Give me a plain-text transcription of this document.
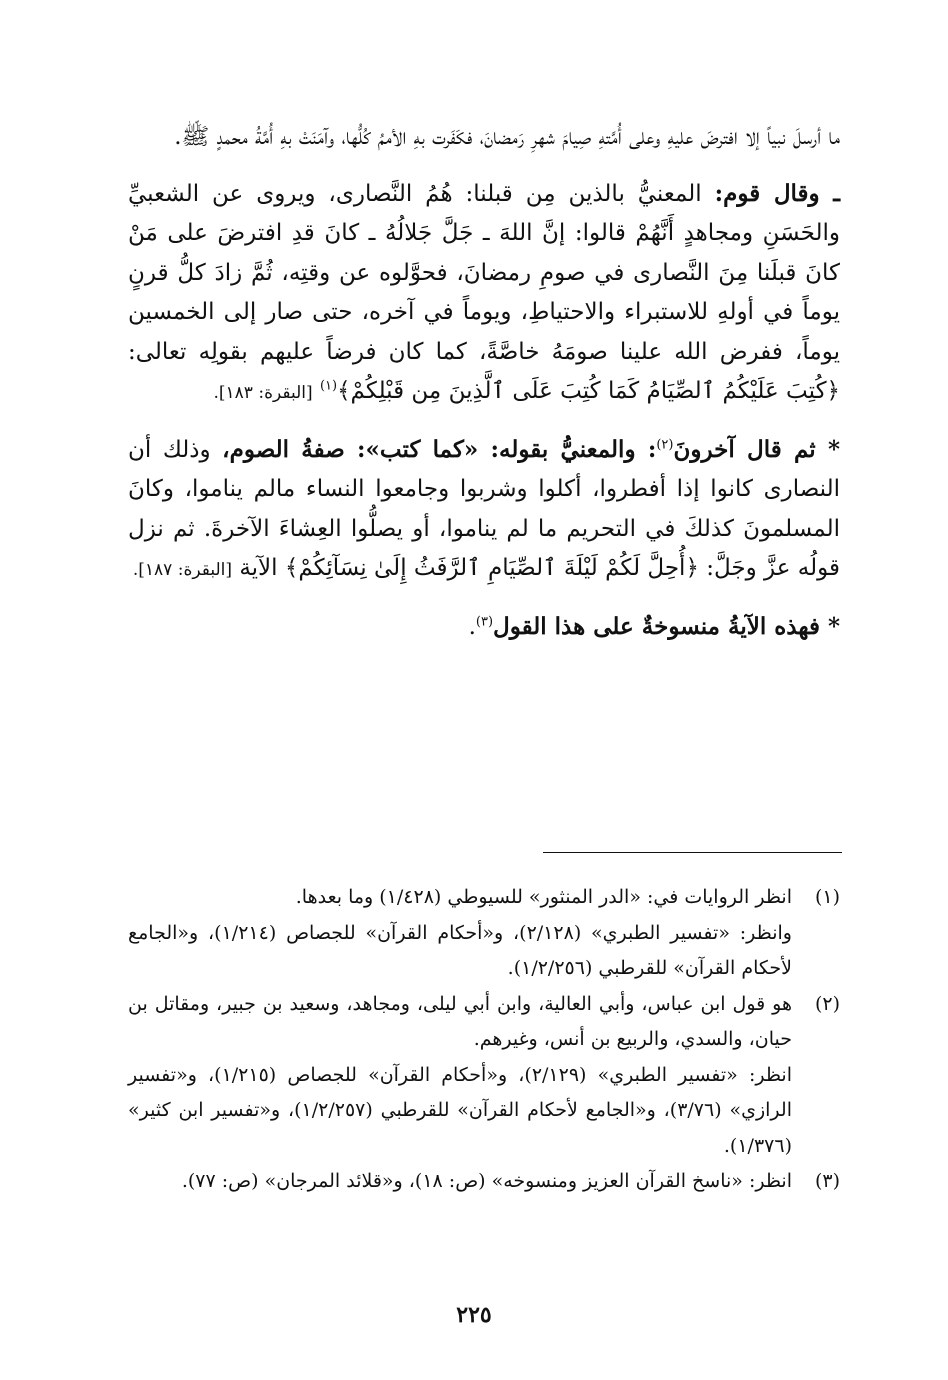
ما أرسلَ نبياً إلا افترضَ عليهِ وعلى أُمَّتهِ صِيامَ شهرِ رَمضانَ، فكَفَرت بهِ الأممُ كُلُّها، وآمَنَتْ بهِ أُمَّةُ محمدٍ ﷺ.

ـ وقال قوم: المعنيُّ بالذين مِن قبلنا: هُمُ النَّصارى، ويروى عن الشعبيِّ والحَسَنِ ومجاهدٍ أَنَّهُمْ قالوا: إنَّ اللهَ ـ جَلَّ جَلالُهُ ـ كانَ قدِ افترضَ على مَنْ كانَ قبلَنا مِنَ النَّصارى في صومِ رمضانَ، فحوَّلوه عن وقتِه، ثُمَّ زادَ كلُّ قرنٍ يوماً في أولهِ للاستبراء والاحتياطِ، ويوماً في آخره، حتى صار إلى الخمسين يوماً، ففرض الله علينا صومَهُ خاصَّةً، كما كان فرضاً عليهم بقولِه تعالى: ﴿كُتِبَ عَلَيْكُمُ ٱلصِّيَامُ كَمَا كُتِبَ عَلَى ٱلَّذِينَ مِن قَبْلِكُمْ﴾$^{(١)}$ [البقرة: ١٨٣].

* ثم قال آخرونَ$^{(٢)}$: والمعنيُّ بقوله: «كما كتب»: صفةُ الصوم، وذلك أن النصارى كانوا إذا أفطروا، أكلوا وشربوا وجامعوا النساء مالم يناموا، وكانَ المسلمونَ كذلكَ في التحريم ما لم يناموا، أو يصلُّوا العِشاءَ الآخرةَ. ثم نزل قولُه عزَّ وجَلَّ: ﴿أُحِلَّ لَكُمْ لَيْلَةَ ٱلصِّيَامِ ٱلرَّفَثُ إِلَىٰ نِسَآئِكُمْ﴾ الآية [البقرة: ١٨٧].

* فهذه الآيةُ منسوخةٌ على هذا القول$^{(٣)}$.

(١)
انظر الروايات في: «الدر المنثور» للسيوطي (١/٤٢٨) وما بعدها.
وانظر: «تفسير الطبري» (٢/١٢٨)، و«أحكام القرآن» للجصاص (١/٢١٤)، و«الجامع لأحكام القرآن» للقرطبي (١/٢/٢٥٦).
(٢)
هو قول ابن عباس، وأبي العالية، وابن أبي ليلى، ومجاهد، وسعيد بن جبير، ومقاتل بن حيان، والسدي، والربيع بن أنس، وغيرهم.
انظر: «تفسير الطبري» (٢/١٢٩)، و«أحكام القرآن» للجصاص (١/٢١٥)، و«تفسير الرازي» (٣/٧٦)، و«الجامع لأحكام القرآن» للقرطبي (١/٢/٢٥٧)، و«تفسير ابن كثير» (١/٣٧٦).
(٣)
انظر: «ناسخ القرآن العزيز ومنسوخه» (ص: ١٨)، و«قلائد المرجان» (ص: ٧٧).
٢٢٥
